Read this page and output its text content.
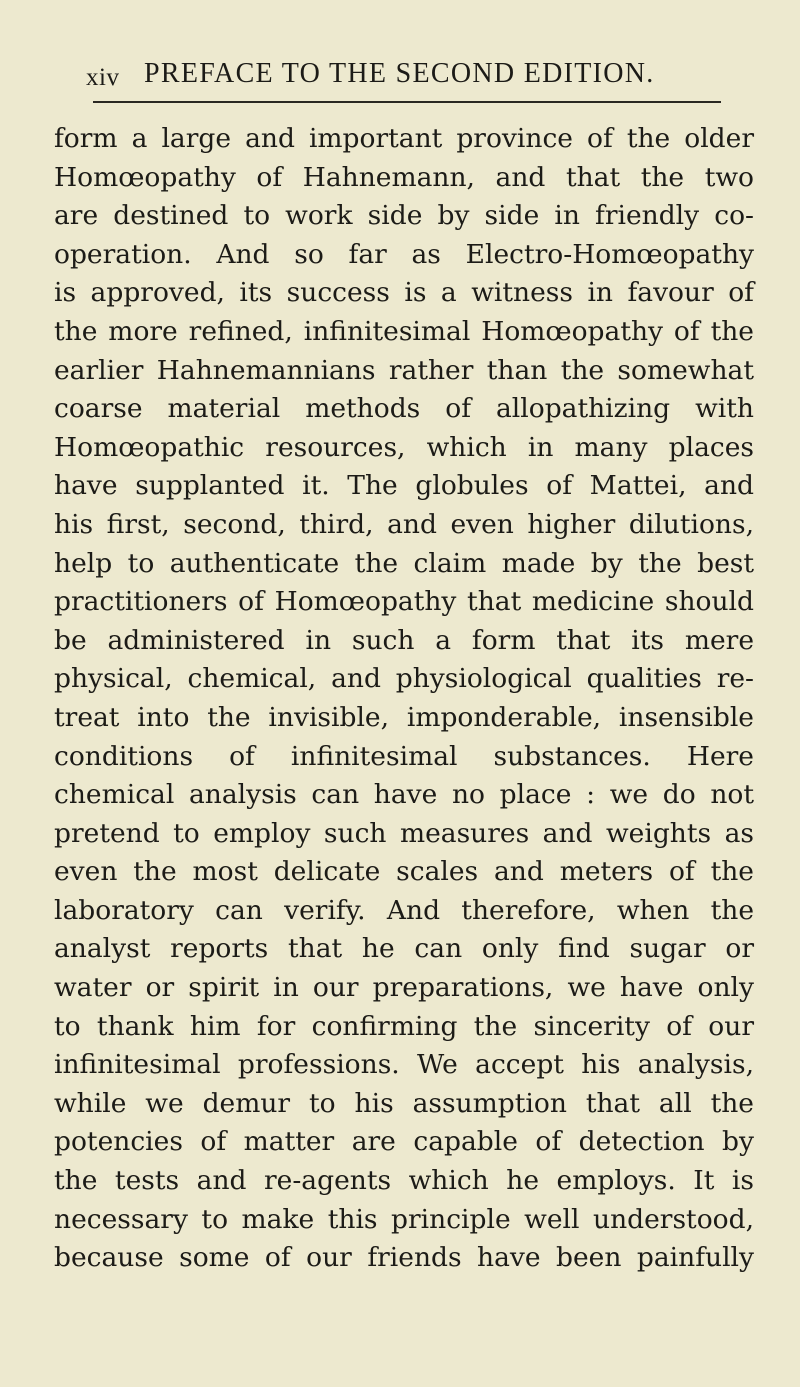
xiv PREFACE TO THE SECOND EDITION.
form a large and important province of the older
Homœopathy of Hahnemann, and that the two
are destined to work side by side in friendly co-
operation. And so far as Electro-Homœopathy
is approved, its success is a witness in favour of
the more refined, infinitesimal Homœopathy of the
earlier Hahnemannians rather than the somewhat
coarse material methods of allopathizing with
Homœopathic resources, which in many places
have supplanted it. The globules of Mattei, and
his first, second, third, and even higher dilutions,
help to authenticate the claim made by the best
practitioners of Homœopathy that medicine should
be administered in such a form that its mere
physical, chemical, and physiological qualities re-
treat into the invisible, imponderable, insensible
conditions of infinitesimal substances. Here
chemical analysis can have no place : we do not
pretend to employ such measures and weights as
even the most delicate scales and meters of the
laboratory can verify. And therefore, when the
analyst reports that he can only find sugar or
water or spirit in our preparations, we have only
to thank him for confirming the sincerity of our
infinitesimal professions. We accept his analysis,
while we demur to his assumption that all the
potencies of matter are capable of detection by
the tests and re-agents which he employs. It is
necessary to make this principle well understood,
because some of our friends have been painfully
